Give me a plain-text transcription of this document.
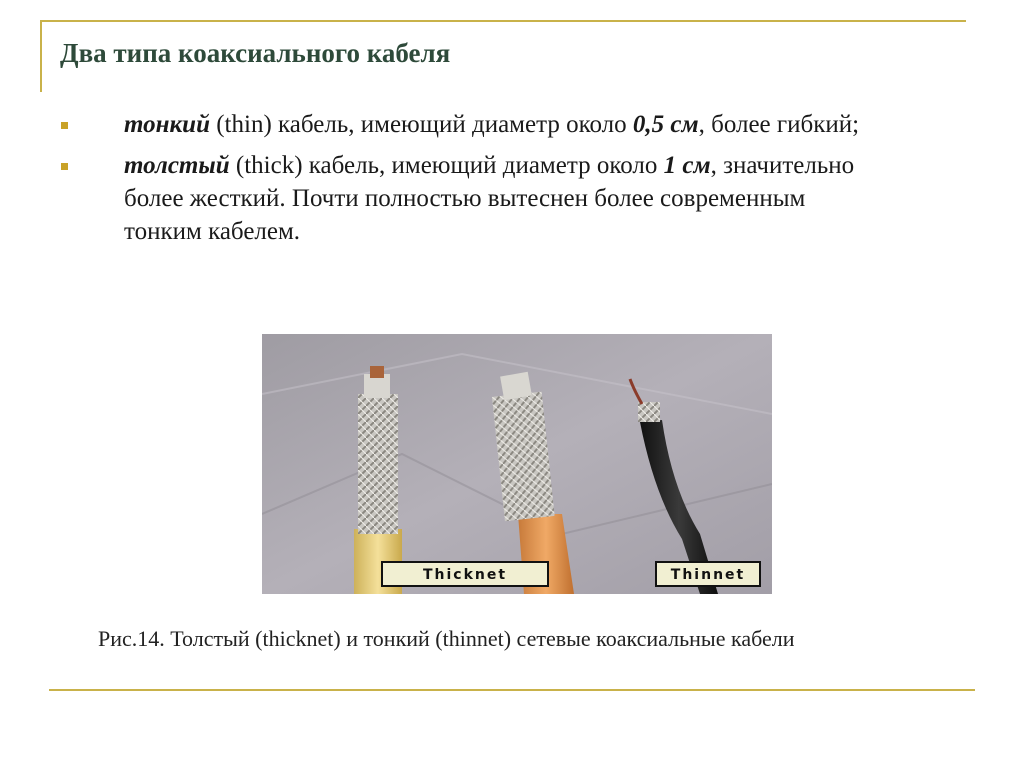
Два типа коаксиального кабеля
тонкий (thin) кабель, имеющий диаметр около 0,5 см, более гибкий;
толстый (thick) кабель, имеющий диаметр около 1 см, значительно более жесткий. Почти полностью вытеснен более современным тонким кабелем.
Thicknet	Thinnet
Рис.14. Толстый (thicknet) и тонкий (thinnet) сетевые коаксиальные кабели
